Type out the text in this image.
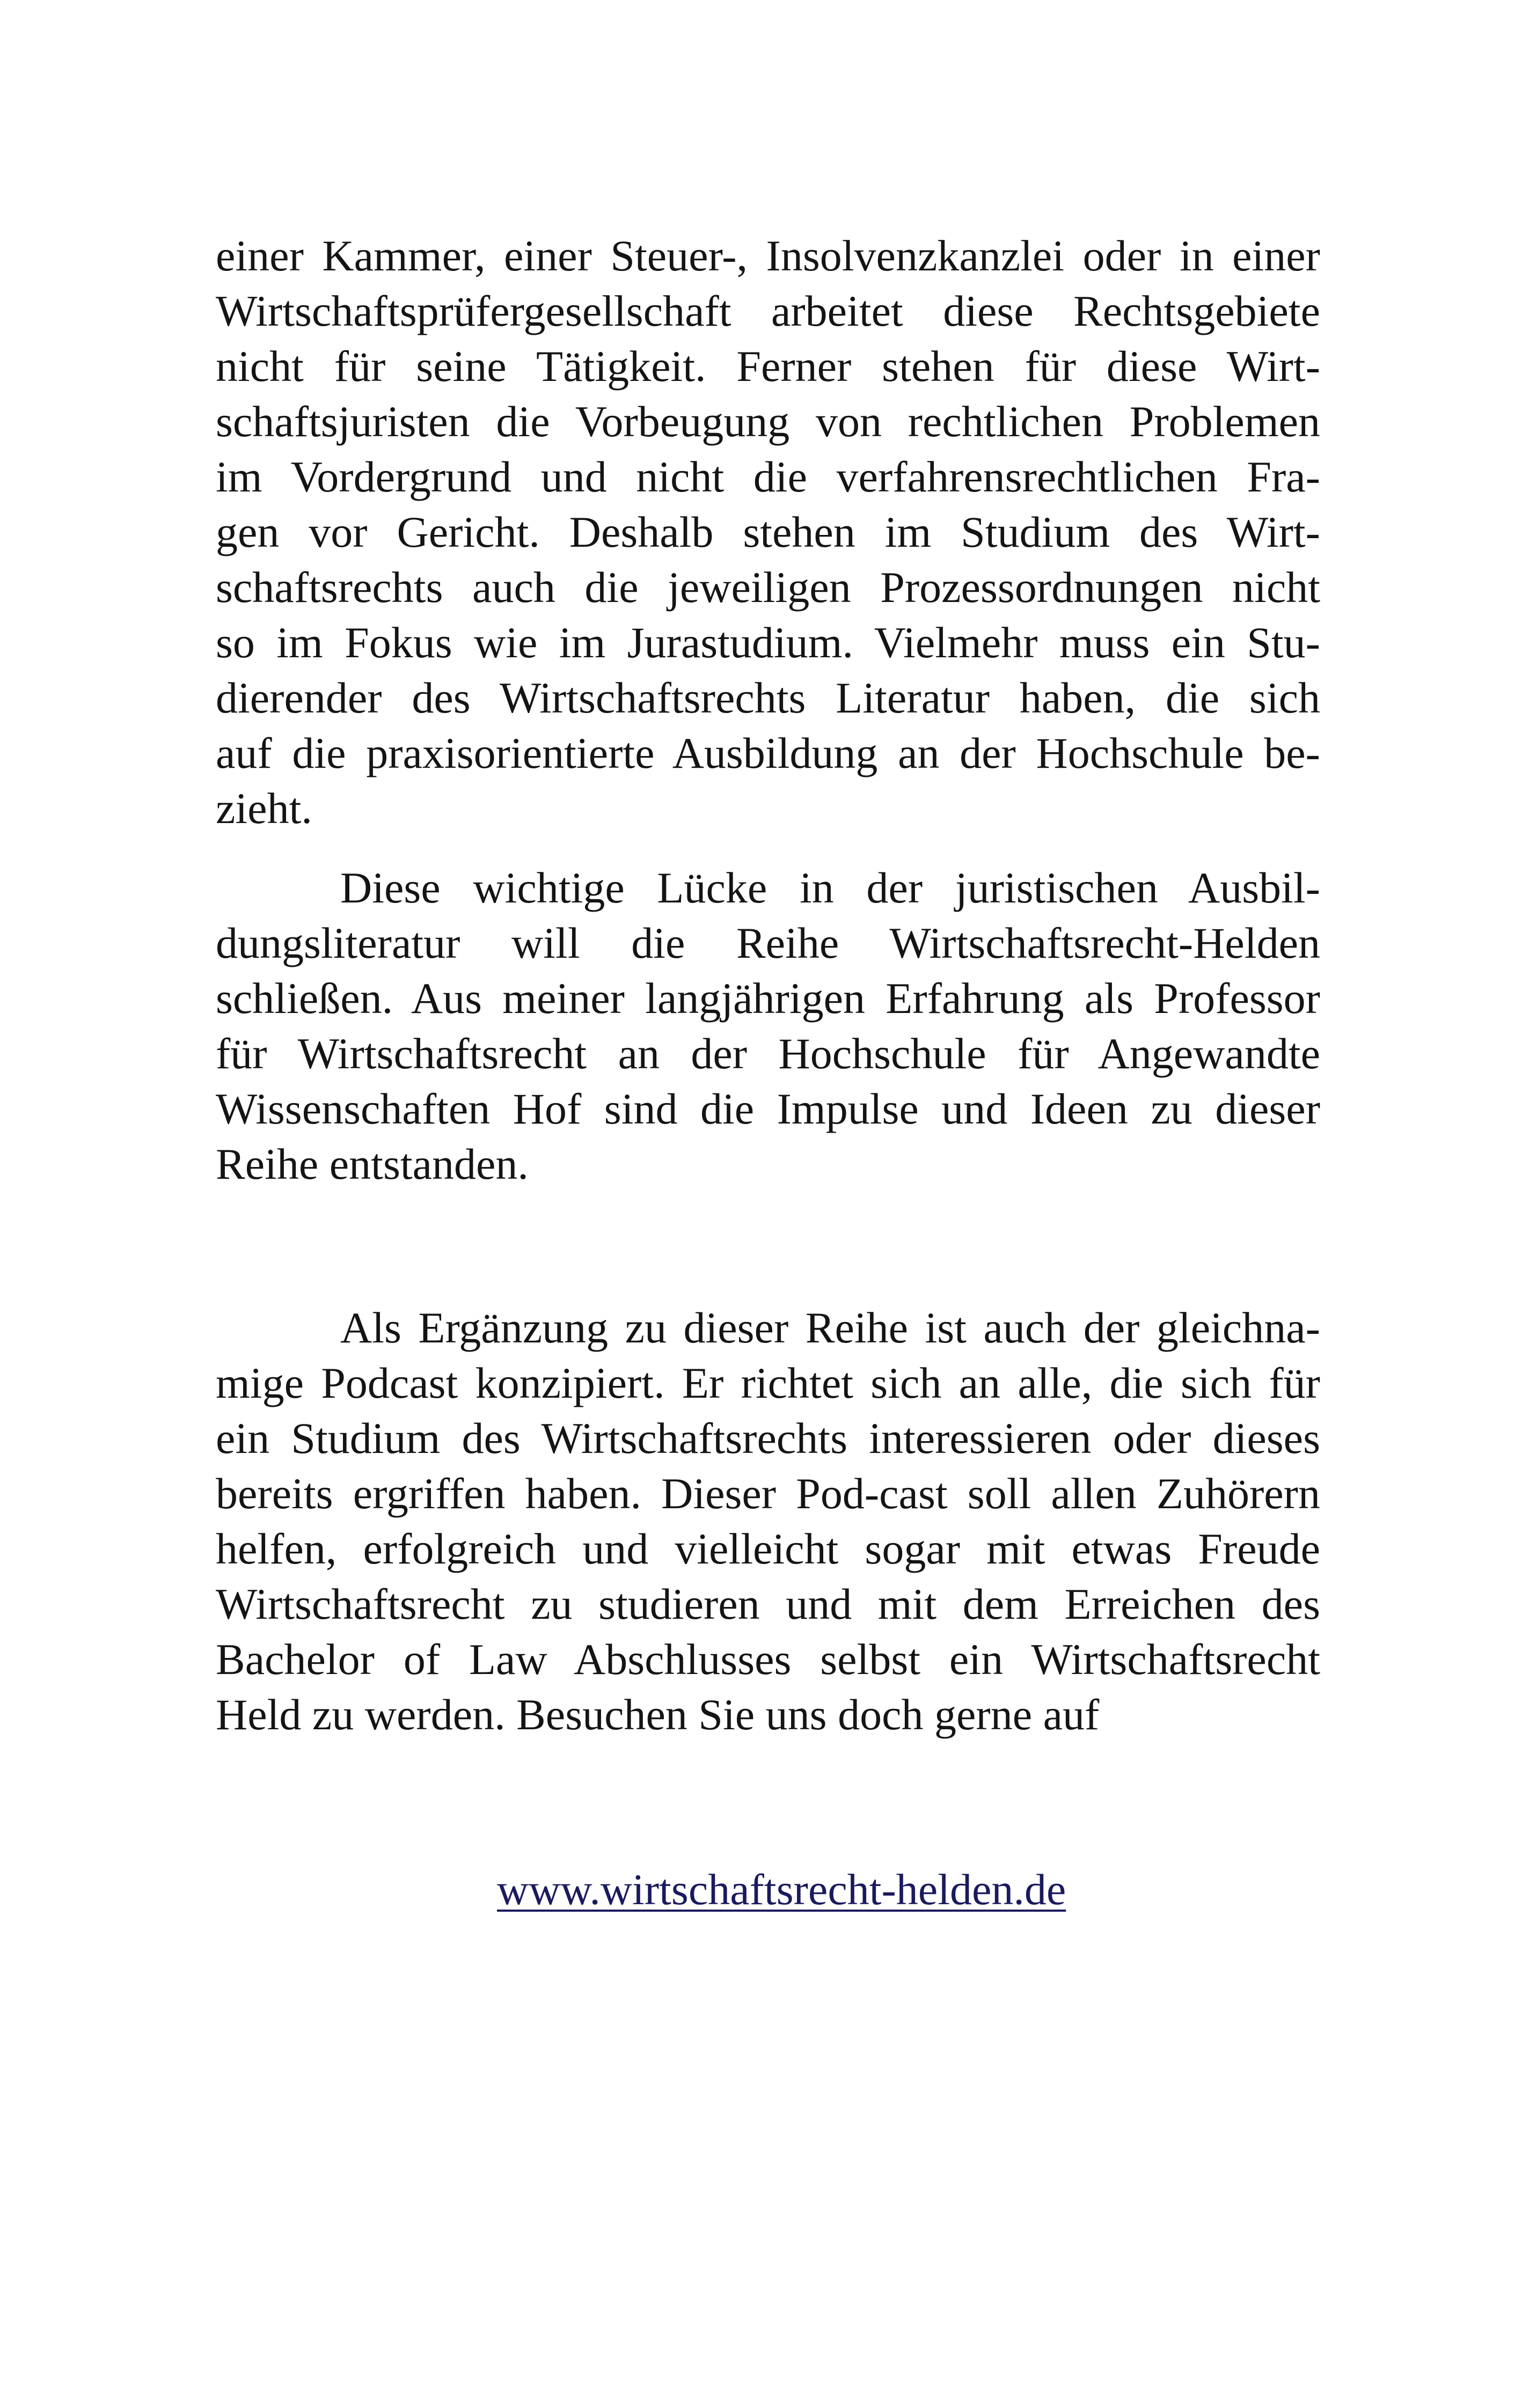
einer Kammer, einer Steuer-, Insolvenzkanzlei oder in einer
Wirtschaftsprüfergesellschaft arbeitet diese Rechtsgebiete
nicht für seine Tätigkeit. Ferner stehen für diese Wirt-
schaftsjuristen die Vorbeugung von rechtlichen Problemen
im Vordergrund und nicht die verfahrensrechtlichen Fra-
gen vor Gericht. Deshalb stehen im Studium des Wirt-
schaftsrechts auch die jeweiligen Prozessordnungen nicht
so im Fokus wie im Jurastudium. Vielmehr muss ein Stu-
dierender des Wirtschaftsrechts Literatur haben, die sich
auf die praxisorientierte Ausbildung an der Hochschule be-
zieht.
Diese wichtige Lücke in der juristischen Ausbil-
dungsliteratur will die Reihe Wirtschaftsrecht-Helden
schließen. Aus meiner langjährigen Erfahrung als Professor
für Wirtschaftsrecht an der Hochschule für Angewandte
Wissenschaften Hof sind die Impulse und Ideen zu dieser
Reihe entstanden.
Als Ergänzung zu dieser Reihe ist auch der gleichna-
mige Podcast konzipiert. Er richtet sich an alle, die sich für
ein Studium des Wirtschaftsrechts interessieren oder dieses
bereits ergriffen haben. Dieser Pod-cast soll allen Zuhörern
helfen, erfolgreich und vielleicht sogar mit etwas Freude
Wirtschaftsrecht zu studieren und mit dem Erreichen des
Bachelor of Law Abschlusses selbst ein Wirtschaftsrecht
Held zu werden. Besuchen Sie uns doch gerne auf
www.wirtschaftsrecht-helden.de
